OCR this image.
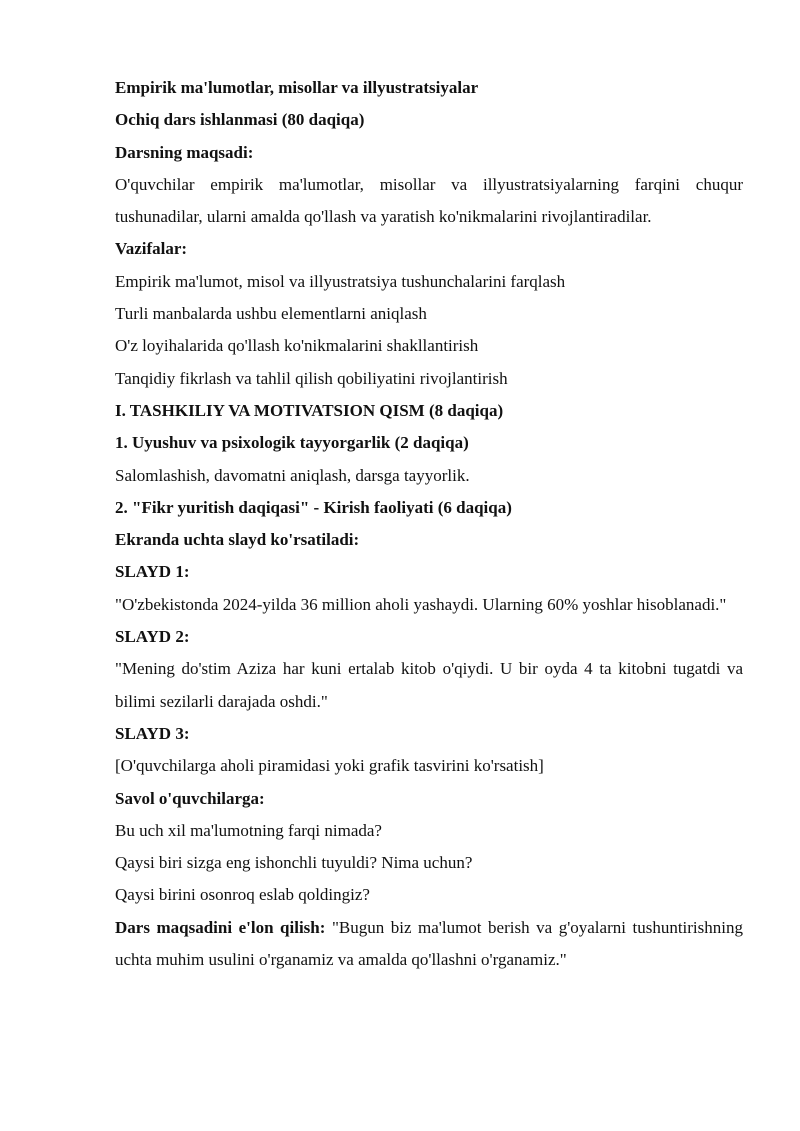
Empirik ma'lumotlar, misollar va illyustratsiyalar

Ochiq dars ishlanmasi (80 daqiqa)

Darsning maqsadi:

O'quvchilar empirik ma'lumotlar, misollar va illyustratsiyalarning farqini chuqur tushunadilar, ularni amalda qo'llash va yaratish ko'nikmalarini rivojlantiradilar.

Vazifalar:

Empirik ma'lumot, misol va illyustratsiya tushunchalarini farqlash

Turli manbalarda ushbu elementlarni aniqlash

O'z loyihalarida qo'llash ko'nikmalarini shakllantirish

Tanqidiy fikrlash va tahlil qilish qobiliyatini rivojlantirish

I. TASHKILIY VA MOTIVATSION QISM (8 daqiqa)

1. Uyushuv va psixologik tayyorgarlik (2 daqiqa)

Salomlashish, davomatni aniqlash, darsga tayyorlik.

2. "Fikr yuritish daqiqasi" - Kirish faoliyati (6 daqiqa)

Ekranda uchta slayd ko'rsatiladi:

SLAYD 1:

"O'zbekistonda 2024-yilda 36 million aholi yashaydi. Ularning 60% yoshlar hisoblanadi."

SLAYD 2:

"Mening do'stim Aziza har kuni ertalab kitob o'qiydi. U bir oyda 4 ta kitobni tugatdi va bilimi sezilarli darajada oshdi."

SLAYD 3:

[O'quvchilarga aholi piramidasi yoki grafik tasvirini ko'rsatish]

Savol o'quvchilarga:

Bu uch xil ma'lumotning farqi nimada?

Qaysi biri sizga eng ishonchli tuyuldi? Nima uchun?

Qaysi birini osonroq eslab qoldingiz?

Dars maqsadini e'lon qilish: "Bugun biz ma'lumot berish va g'oyalarni tushuntirishning uchta muhim usulini o'rganamiz va amalda qo'llashni o'rganamiz."
